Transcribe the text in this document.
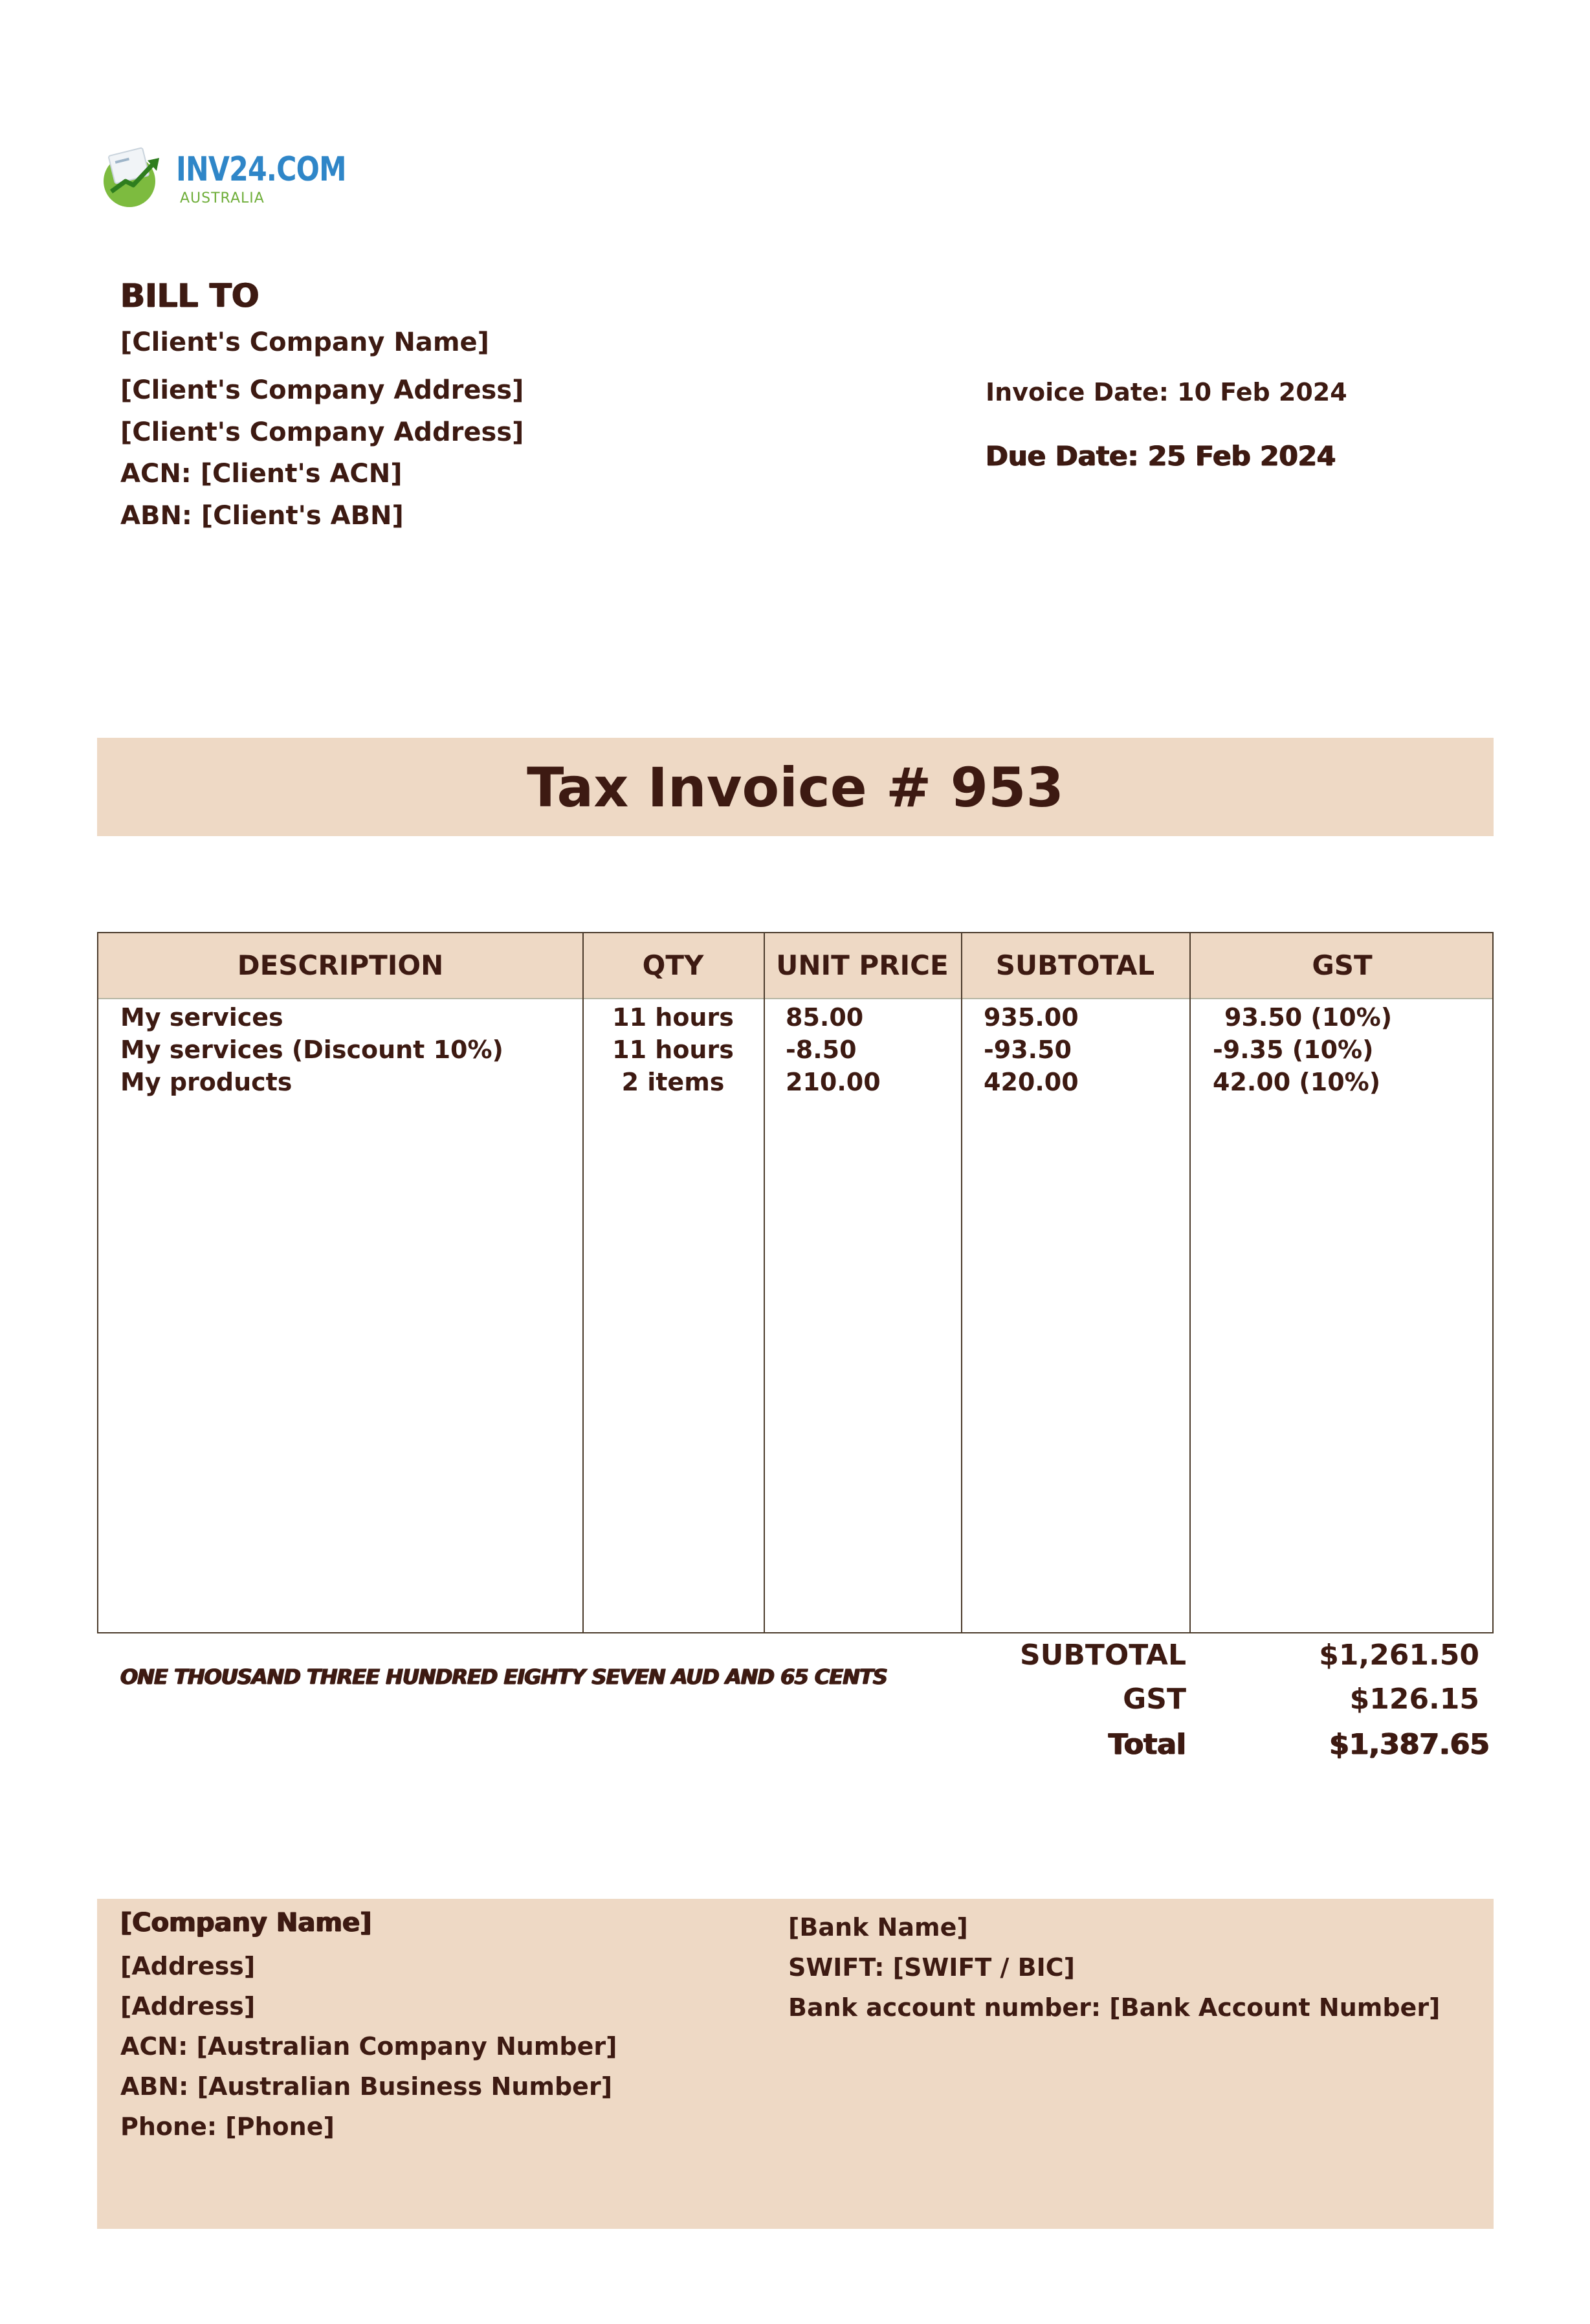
INV24.COM
AUSTRALIA
BILL TO
[Client's Company Name]
[Client's Company Address]
[Client's Company Address]
ACN: [Client's ACN]
ABN: [Client's ABN]
Invoice Date: 10 Feb 2024
Due Date: 25 Feb 2024
Tax Invoice # 953
DESCRIPTION	QTY	UNIT PRICE	SUBTOTAL	GST
My services	11 hours	85.00	935.00	93.50 (10%)
My services (Discount 10%)	11 hours	-8.50	-93.50	-9.35 (10%)
My products	2 items	210.00	420.00	42.00 (10%)
ONE THOUSAND THREE HUNDRED EIGHTY SEVEN AUD AND 65 CENTS
SUBTOTAL	$1,261.50
GST	$126.15
Total	$1,387.65
[Company Name]
[Address]
[Address]
ACN: [Australian Company Number]
ABN: [Australian Business Number]
Phone: [Phone]
[Bank Name]
SWIFT: [SWIFT / BIC]
Bank account number: [Bank Account Number]
